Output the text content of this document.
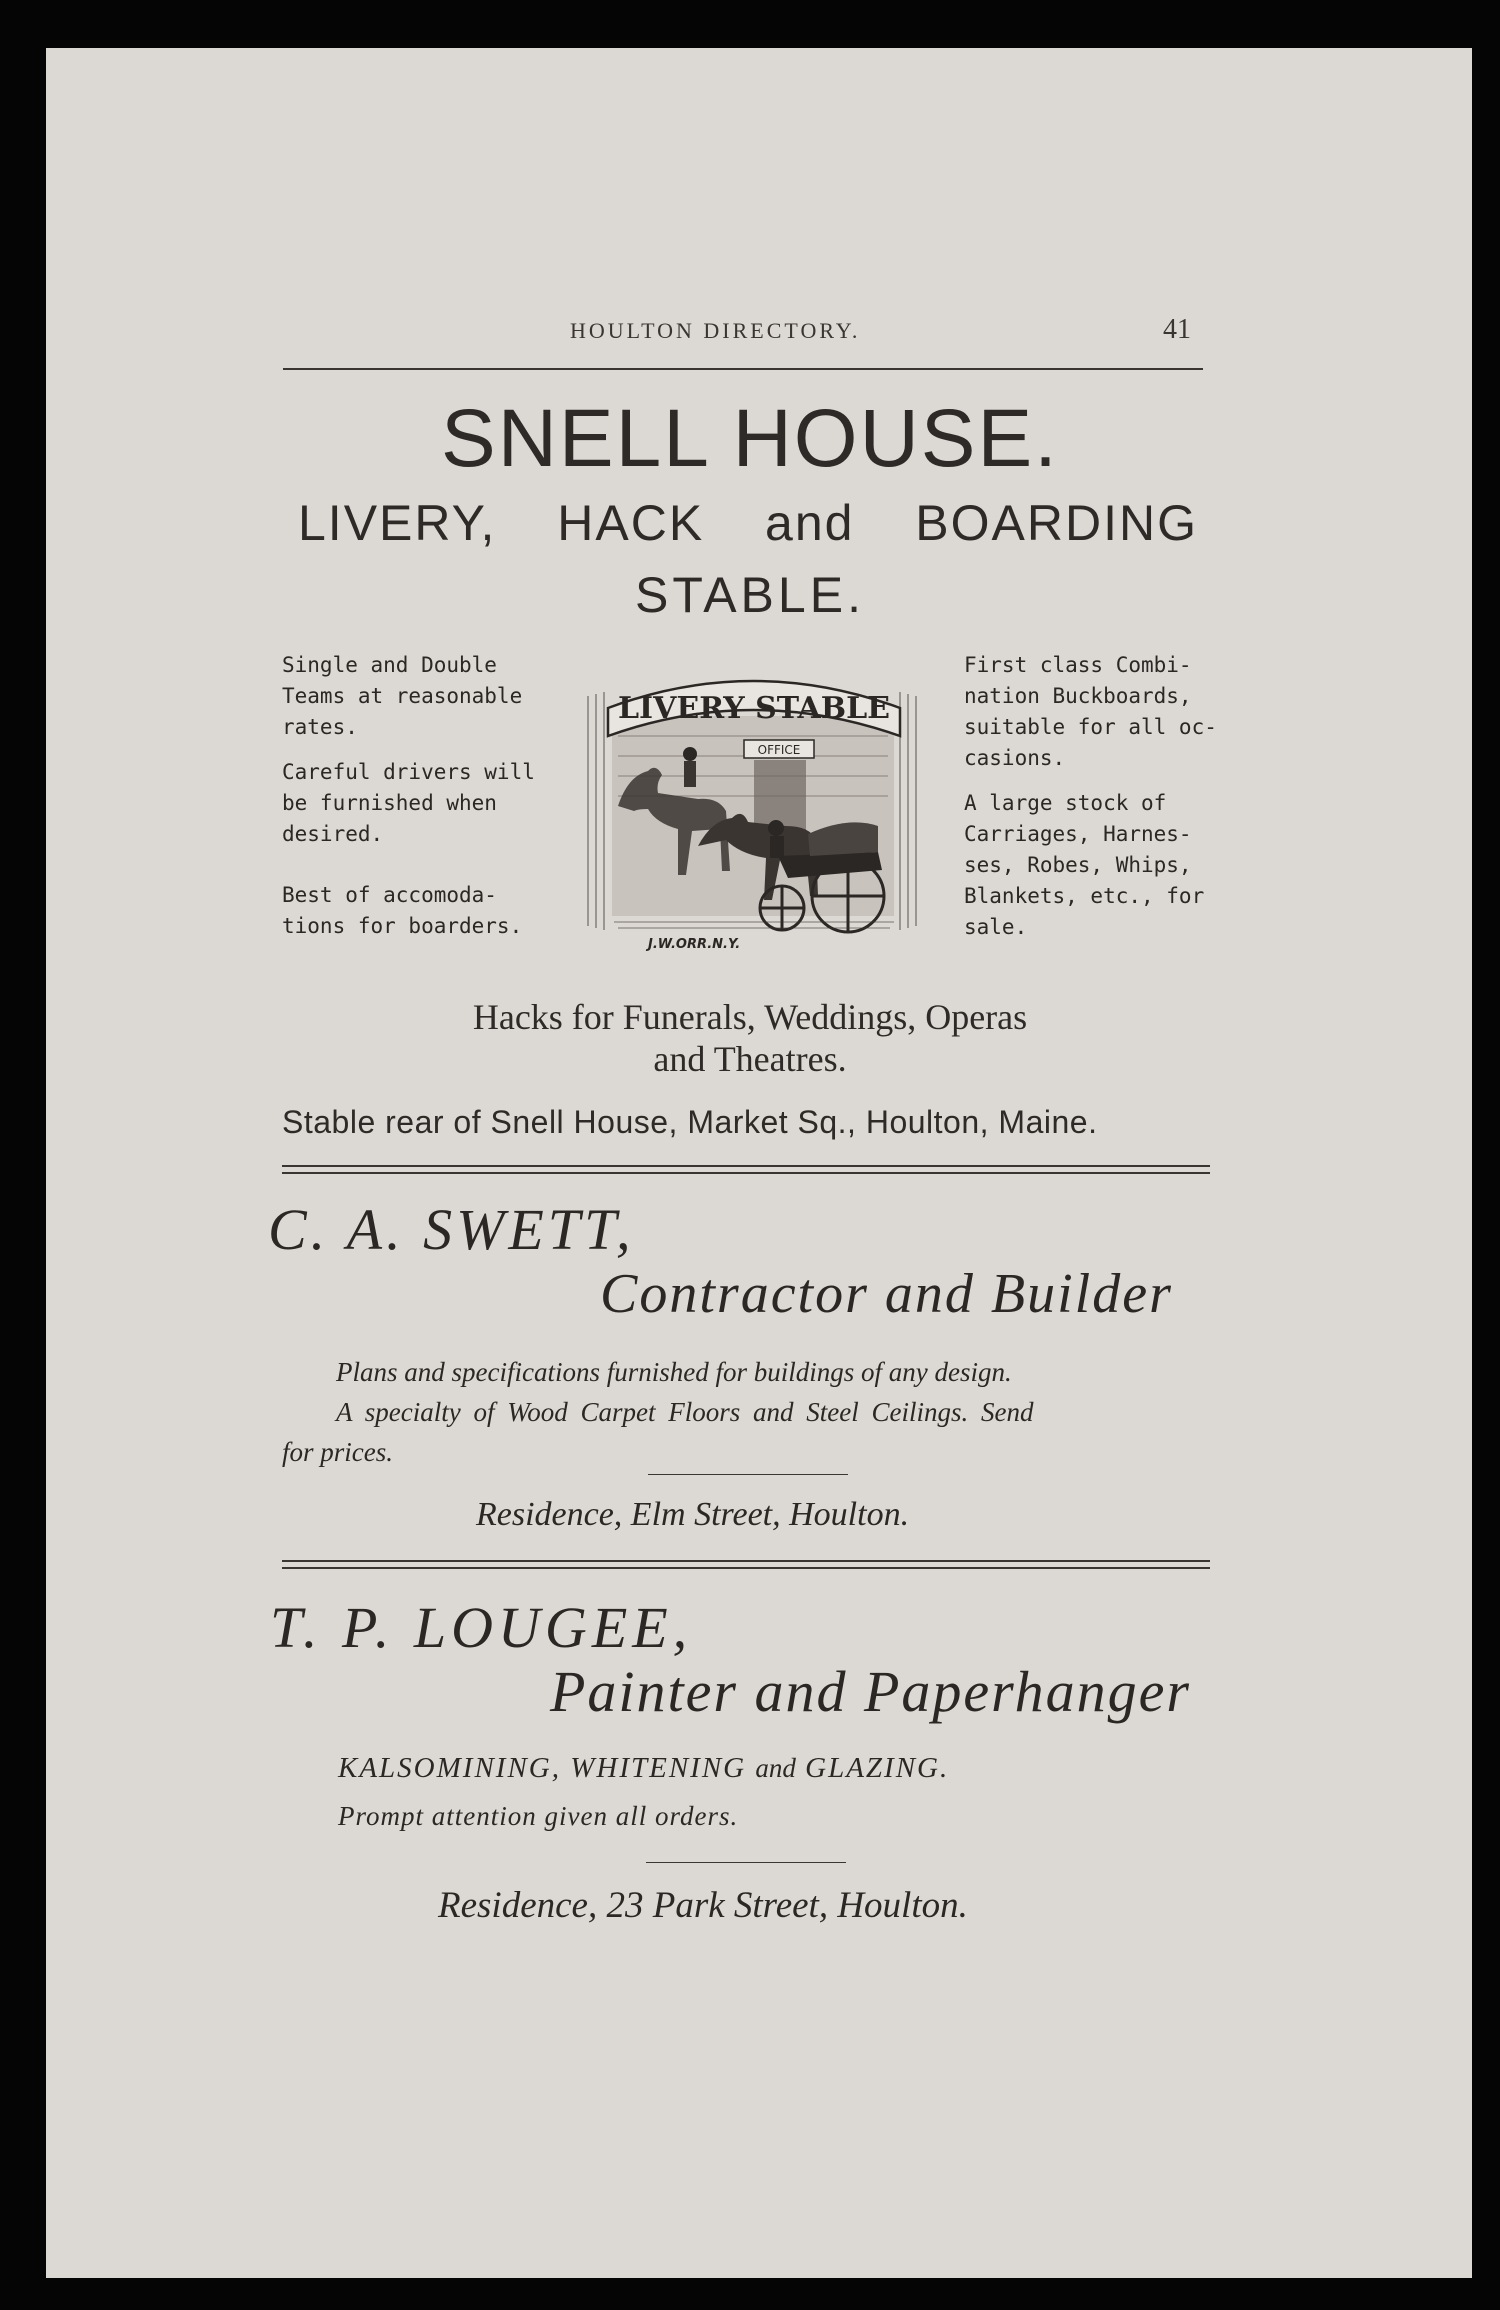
HOULTON DIRECTORY.	41
SNELL HOUSE.
LIVERY, HACK and BOARDING
STABLE.
Single and Double
Teams at reasonable
rates.
Careful drivers will
be furnished when
desired.
Best of accomoda-
tions for boarders.
LIVERY STABLE
OFFICE
J.W.ORR.N.Y.
First class Combi-
nation Buckboards,
suitable for all oc-
casions.
A large stock of
Carriages, Harnes-
ses, Robes, Whips,
Blankets, etc., for
sale.
Hacks for Funerals, Weddings, Operas
and Theatres.
Stable rear of Snell House, Market Sq., Houlton, Maine.
C. A. SWETT,
Contractor and Builder
Plans and specifications furnished for buildings of any design.
A specialty of Wood Carpet Floors and Steel Ceilings. Send
for prices.
Residence, Elm Street, Houlton.
T. P. LOUGEE,
Painter and Paperhanger
KALSOMINING, WHITENING and GLAZING.
Prompt attention given all orders.
Residence, 23 Park Street, Houlton.
